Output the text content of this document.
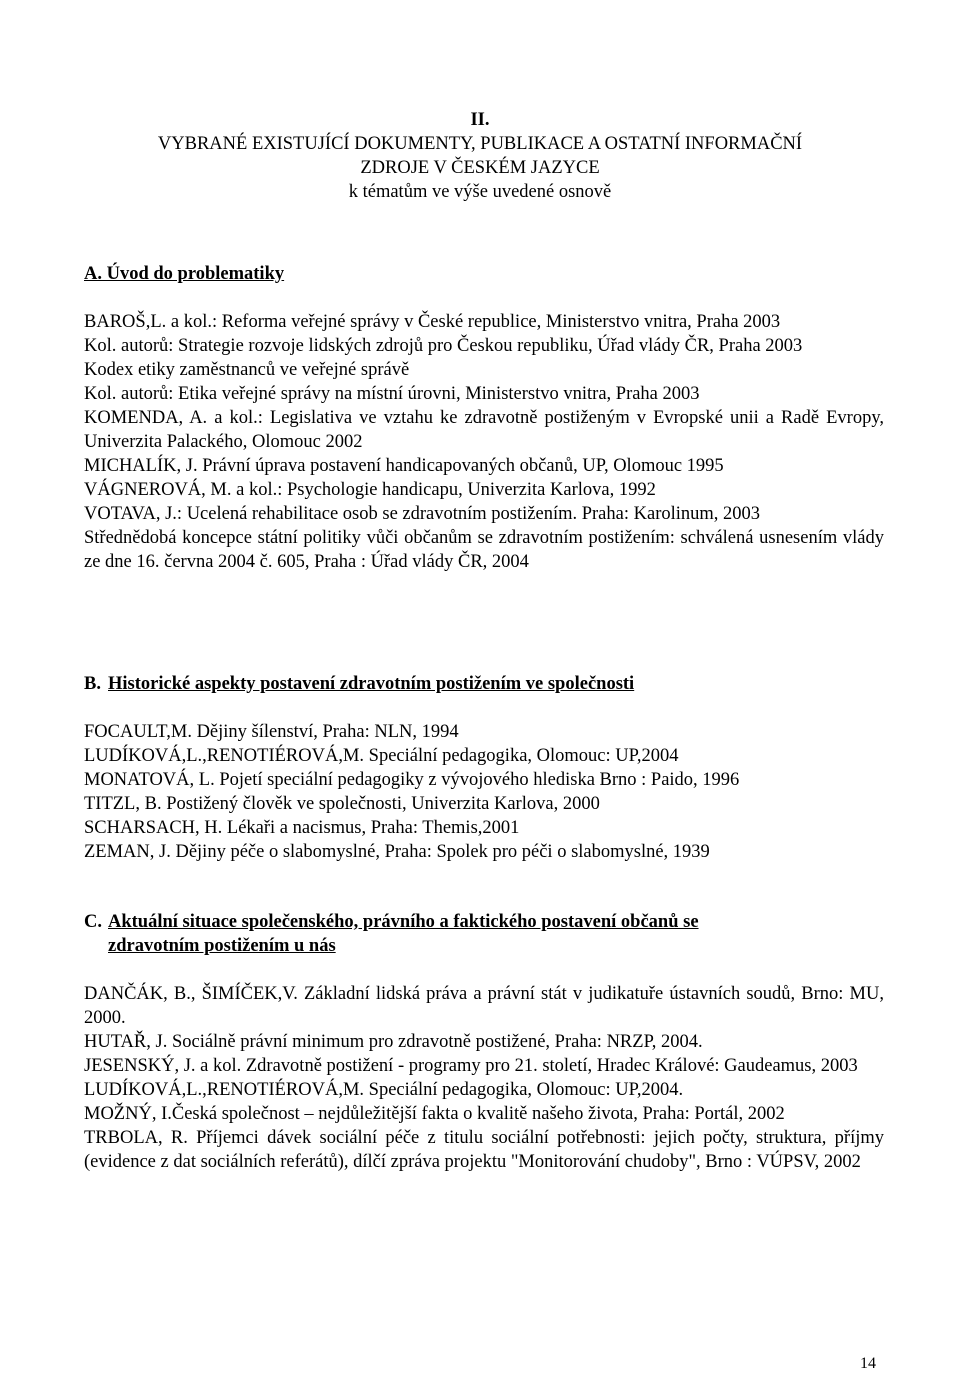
II.
VYBRANÉ EXISTUJÍCÍ DOKUMENTY, PUBLIKACE A OSTATNÍ INFORMAČNÍ
ZDROJE V ČESKÉM JAZYCE
k tématům ve výše uvedené osnově
A. Úvod do problematiky
BAROŠ,L. a kol.: Reforma veřejné správy v České republice, Ministerstvo vnitra, Praha 2003
Kol. autorů: Strategie rozvoje lidských zdrojů pro Českou republiku, Úřad vlády ČR, Praha 2003
Kodex etiky zaměstnanců ve veřejné správě
Kol. autorů: Etika veřejné správy na místní úrovni, Ministerstvo vnitra, Praha 2003
KOMENDA, A. a kol.: Legislativa ve vztahu ke zdravotně postiženým v Evropské unii a Radě Evropy, Univerzita Palackého, Olomouc 2002
MICHALÍK, J. Právní úprava postavení handicapovaných občanů, UP, Olomouc 1995
VÁGNEROVÁ, M. a kol.: Psychologie handicapu, Univerzita Karlova, 1992
VOTAVA, J.: Ucelená rehabilitace osob se zdravotním postižením. Praha: Karolinum, 2003
Střednědobá koncepce státní politiky vůči občanům se zdravotním postižením: schválená usnesením vlády ze dne 16. června 2004 č. 605, Praha : Úřad vlády ČR, 2004
B. Historické aspekty postavení zdravotním postižením ve společnosti
FOCAULT,M. Dějiny šílenství, Praha: NLN, 1994
LUDÍKOVÁ,L.,RENOTIÉROVÁ,M. Speciální pedagogika, Olomouc: UP,2004
MONATOVÁ, L. Pojetí speciální pedagogiky z vývojového hlediska Brno : Paido, 1996
TITZL, B. Postižený člověk ve společnosti, Univerzita Karlova, 2000
SCHARSACH, H. Lékaři a nacismus, Praha: Themis,2001
ZEMAN, J. Dějiny péče o slabomyslné, Praha: Spolek pro péči o slabomyslné, 1939
C. Aktuální situace společenského, právního a faktického postavení občanů se
zdravotním postižením u nás
DANČÁK, B., ŠIMÍČEK,V. Základní lidská práva a právní stát v judikatuře ústavních soudů, Brno: MU, 2000.
HUTAŘ, J. Sociálně právní minimum pro zdravotně postižené, Praha: NRZP, 2004.
JESENSKÝ, J. a kol. Zdravotně postižení - programy pro 21. století, Hradec Králové: Gaudeamus, 2003
LUDÍKOVÁ,L.,RENOTIÉROVÁ,M. Speciální pedagogika, Olomouc: UP,2004.
MOŽNÝ, I.Česká společnost – nejdůležitější fakta o kvalitě našeho života, Praha: Portál, 2002
TRBOLA, R. Příjemci dávek sociální péče z titulu sociální potřebnosti: jejich počty, struktura, příjmy (evidence z dat sociálních referátů), dílčí zpráva projektu "Monitorování chudoby", Brno : VÚPSV, 2002
14
